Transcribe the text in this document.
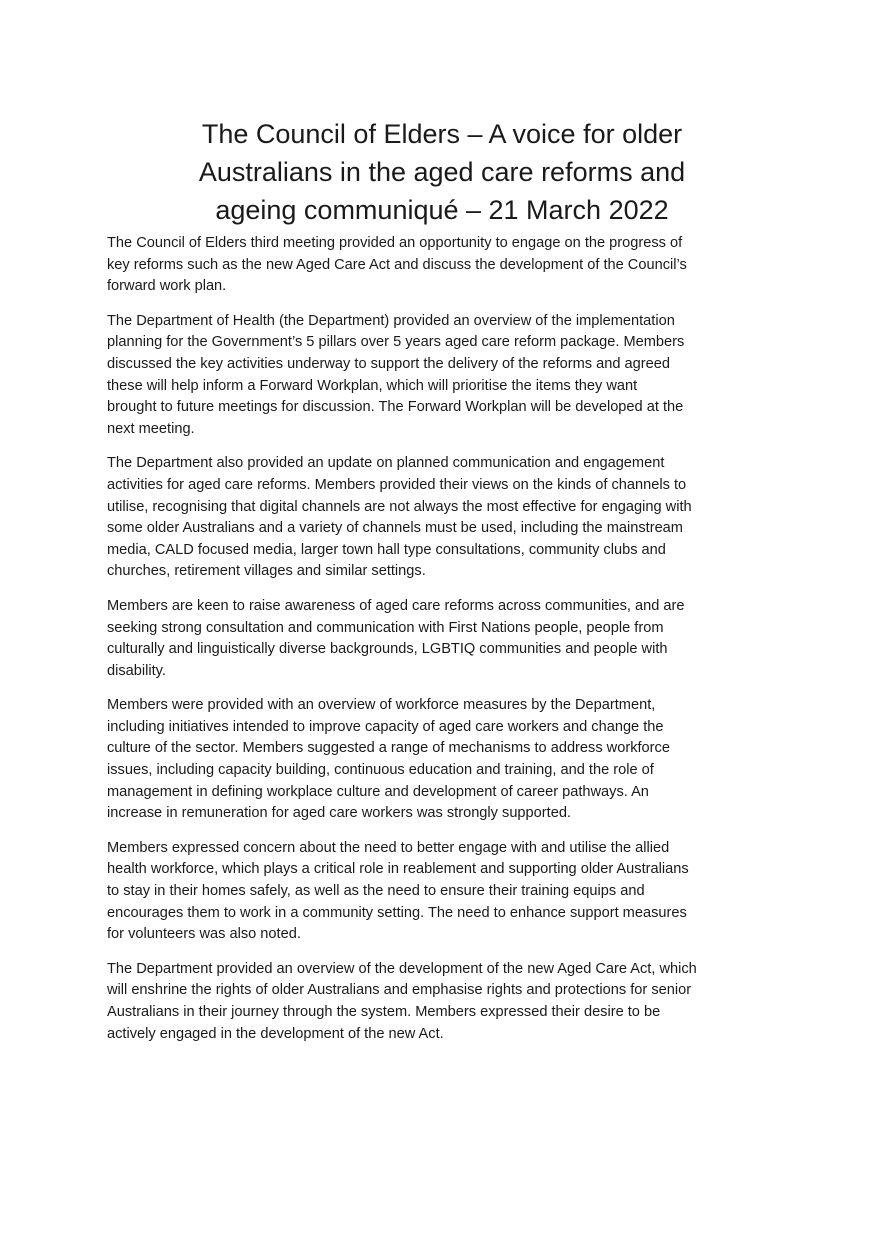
The Council of Elders – A voice for older
Australians in the aged care reforms and
ageing communiqué – 21 March 2022

The Council of Elders third meeting provided an opportunity to engage on the progress of
key reforms such as the new Aged Care Act and discuss the development of the Council’s
forward work plan.

The Department of Health (the Department) provided an overview of the implementation
planning for the Government’s 5 pillars over 5 years aged care reform package. Members
discussed the key activities underway to support the delivery of the reforms and agreed
these will help inform a Forward Workplan, which will prioritise the items they want
brought to future meetings for discussion. The Forward Workplan will be developed at the
next meeting.

The Department also provided an update on planned communication and engagement
activities for aged care reforms. Members provided their views on the kinds of channels to
utilise, recognising that digital channels are not always the most effective for engaging with
some older Australians and a variety of channels must be used, including the mainstream
media, CALD focused media, larger town hall type consultations, community clubs and
churches, retirement villages and similar settings.

Members are keen to raise awareness of aged care reforms across communities, and are
seeking strong consultation and communication with First Nations people, people from
culturally and linguistically diverse backgrounds, LGBTIQ communities and people with
disability.

Members were provided with an overview of workforce measures by the Department,
including initiatives intended to improve capacity of aged care workers and change the
culture of the sector. Members suggested a range of mechanisms to address workforce
issues, including capacity building, continuous education and training, and the role of
management in defining workplace culture and development of career pathways. An
increase in remuneration for aged care workers was strongly supported.

Members expressed concern about the need to better engage with and utilise the allied
health workforce, which plays a critical role in reablement and supporting older Australians
to stay in their homes safely, as well as the need to ensure their training equips and
encourages them to work in a community setting. The need to enhance support measures
for volunteers was also noted.

The Department provided an overview of the development of the new Aged Care Act, which
will enshrine the rights of older Australians and emphasise rights and protections for senior
Australians in their journey through the system. Members expressed their desire to be
actively engaged in the development of the new Act.
